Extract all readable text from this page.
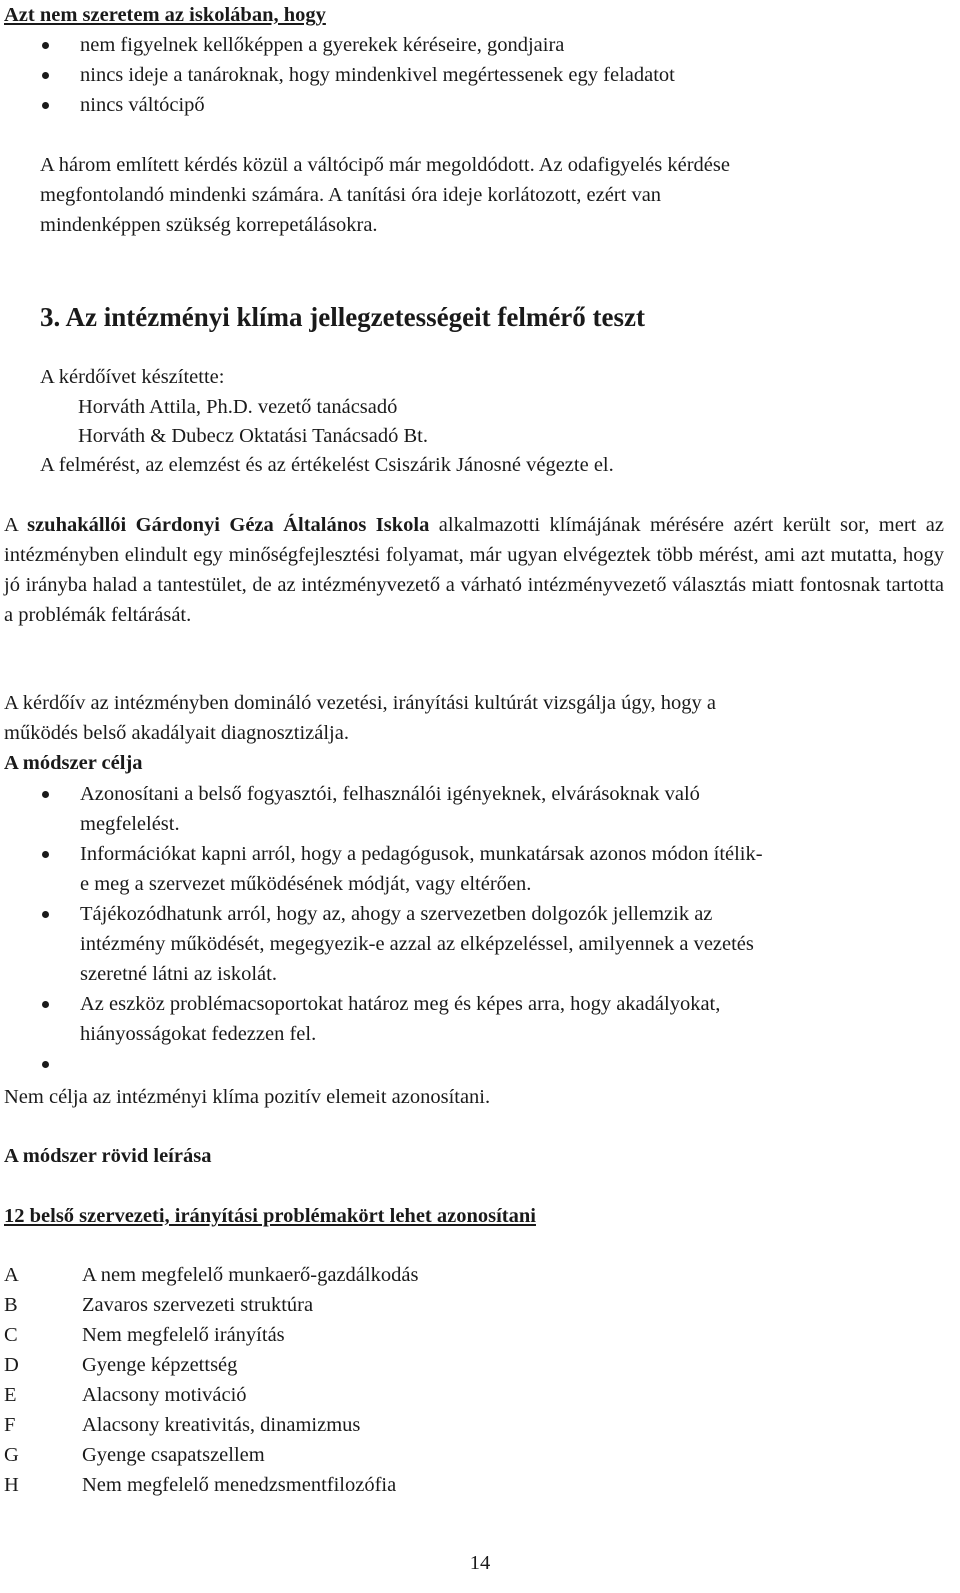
Azt nem szeretem az iskolában, hogy
nem figyelnek kellőképpen a gyerekek kéréseire, gondjaira
nincs ideje a tanároknak, hogy mindenkivel megértessenek egy feladatot
nincs váltócipő
A három említett kérdés közül a váltócipő már megoldódott. Az odafigyelés kérdése
megfontolandó mindenki számára. A tanítási óra ideje korlátozott, ezért van
mindenképpen szükség korrepetálásokra.
3. Az intézményi klíma jellegzetességeit felmérő teszt
A kérdőívet készítette:
Horváth Attila, Ph.D. vezető tanácsadó
Horváth & Dubecz Oktatási Tanácsadó Bt.
A felmérést, az elemzést és az értékelést Csiszárik Jánosné végezte el.
A szuhakállói Gárdonyi Géza Általános Iskola alkalmazotti klímájának mérésére azért került sor, mert az intézményben elindult egy minőségfejlesztési folyamat, már ugyan elvégeztek több mérést, ami azt mutatta, hogy jó irányba halad a tantestület, de az intézményvezető a várható intézményvezető választás miatt fontosnak tartotta a problémák feltárását.
A kérdőív az intézményben domináló vezetési, irányítási kultúrát vizsgálja úgy, hogy a
működés belső akadályait diagnosztizálja.
A módszer célja
Azonosítani a belső fogyasztói, felhasználói igényeknek, elvárásoknak való
megfelelést.
Információkat kapni arról, hogy a pedagógusok, munkatársak azonos módon ítélik-
e meg a szervezet működésének módját, vagy eltérően.
Tájékozódhatunk arról, hogy az, ahogy a szervezetben dolgozók jellemzik az
intézmény működését, megegyezik-e azzal az elképzeléssel, amilyennek a vezetés
szeretné látni az iskolát.
Az eszköz problémacsoportokat határoz meg és képes arra, hogy akadályokat,
hiányosságokat fedezzen fel.

Nem célja az intézményi klíma pozitív elemeit azonosítani.
A módszer rövid leírása
12 belső szervezeti, irányítási problémakört lehet azonosítani
A	A nem megfelelő munkaerő-gazdálkodás
B	Zavaros szervezeti struktúra
C	Nem megfelelő irányítás
D	Gyenge képzettség
E	Alacsony motiváció
F	Alacsony kreativitás, dinamizmus
G	Gyenge csapatszellem
H	Nem megfelelő menedzsmentfilozófia
14
